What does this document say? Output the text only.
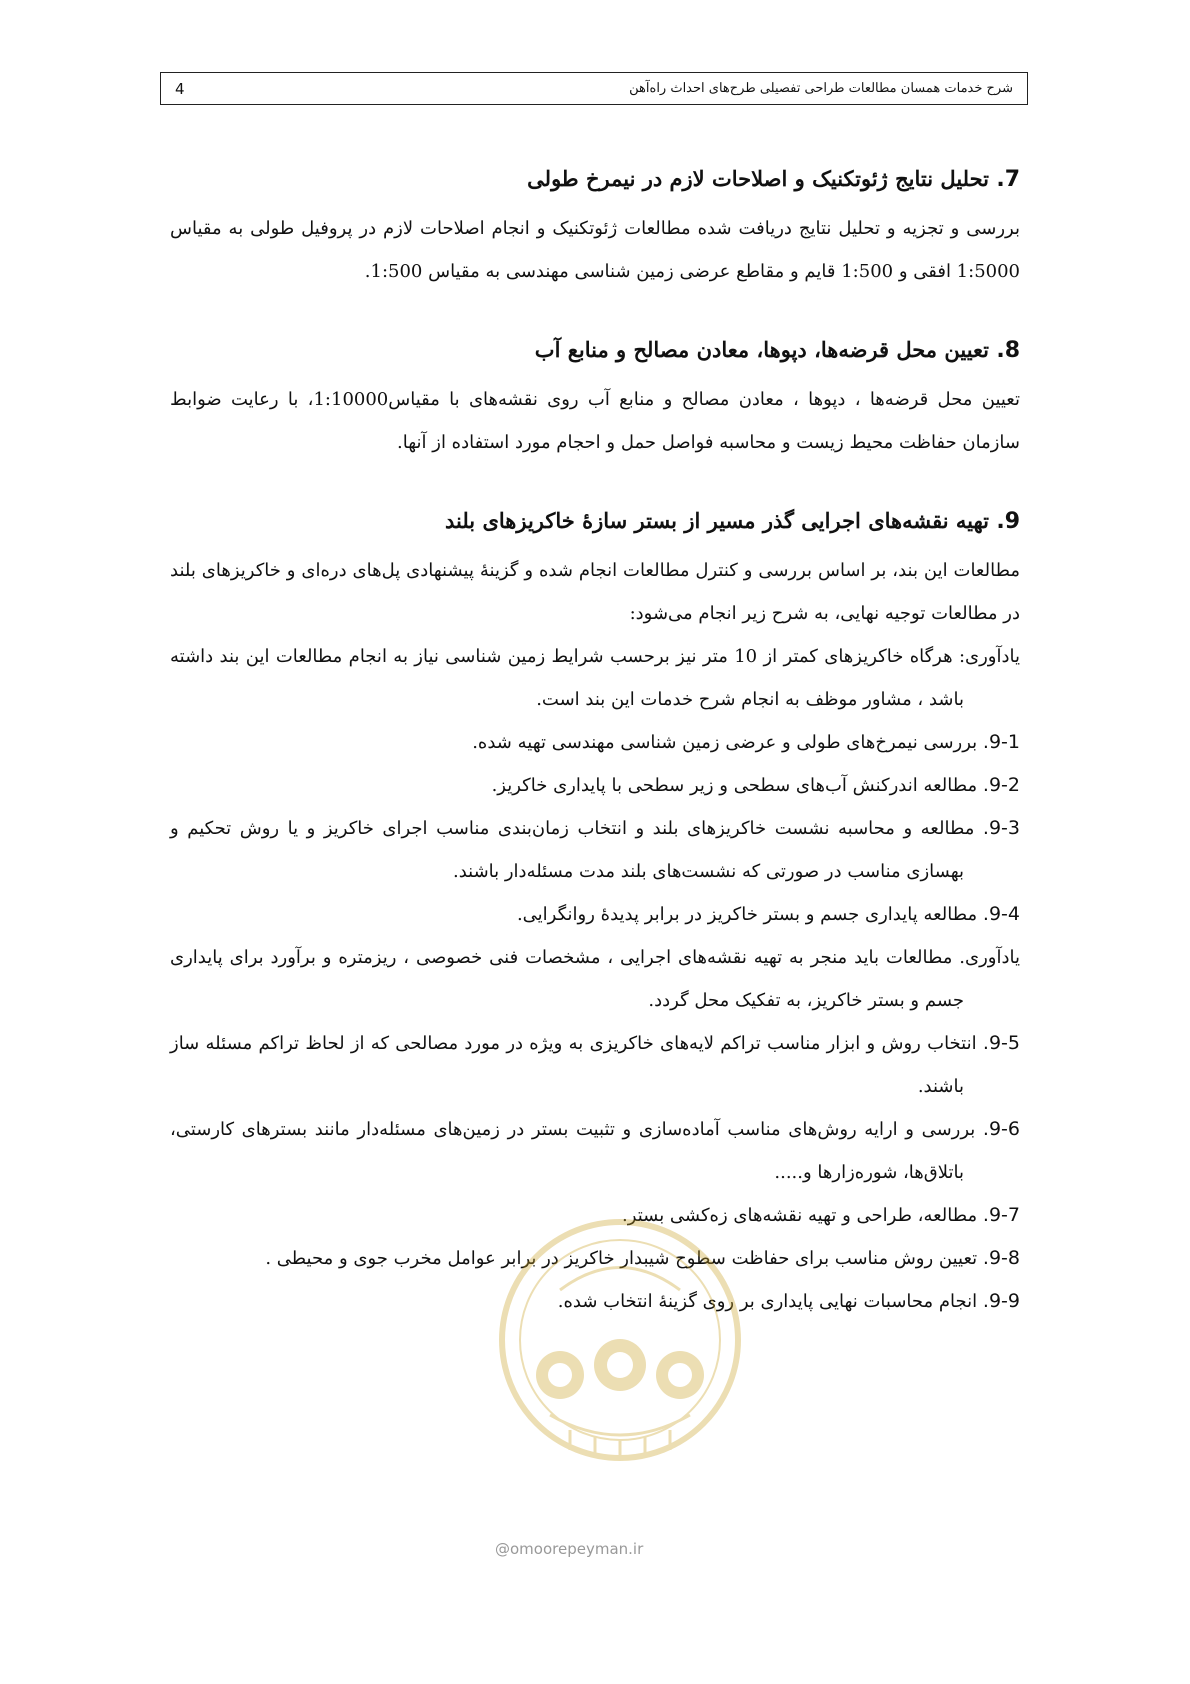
4	شرح خدمات همسان مطالعات طراحی تفصیلی طرح‌های احداث راه‌آهن
7. تحلیل نتایج ژئوتکنیک و اصلاحات لازم در نیمرخ طولی

بررسی و تجزیه و تحلیل نتایج دریافت شده مطالعات ژئوتکنیک و انجام اصلاحات لازم در پروفیل طولی به مقیاس 1:5000 افقی و 1:500 قایم و مقاطع عرضی زمین شناسی مهندسی به مقیاس 1:500.

8. تعیین محل قرضه‌ها، دپوها، معادن مصالح و منابع آب

تعیین محل قرضه‌ها ، دپوها ، معادن مصالح و منابع آب روی نقشه‌های با مقیاس1:10000، با رعایت ضوابط سازمان حفاظت محیط زیست و محاسبه فواصل حمل و احجام مورد استفاده از آنها.

9. تهیه نقشه‌های اجرایی گذر مسیر از بستر سازهٔ خاکریزهای بلند

مطالعات این بند، بر اساس بررسی و کنترل مطالعات انجام شده و گزینهٔ پیشنهادی پل‌های دره‌ای و خاکریزهای بلند در مطالعات توجیه نهایی، به شرح زیر انجام می‌شود:

یادآوری: هرگاه خاکریزهای کمتر از 10 متر نیز برحسب شرایط زمین شناسی نیاز به انجام مطالعات این بند داشته باشد ، مشاور موظف به انجام شرح خدمات این بند است.
9-1. بررسی نیمرخ‌های طولی و عرضی زمین شناسی مهندسی تهیه شده.
9-2. مطالعه اندرکنش آب‌های سطحی و زیر سطحی با پایداری خاکریز.
9-3. مطالعه و محاسبه نشست خاکریزهای بلند و انتخاب زمان‌بندی مناسب اجرای خاکریز و یا روش تحکیم و بهسازی مناسب در صورتی که نشست‌های بلند مدت مسئله‌دار باشند.
9-4. مطالعه پایداری جسم و بستر خاکریز در برابر پدیدهٔ روانگرایی.
یادآوری. مطالعات باید منجر به تهیه نقشه‌های اجرایی ، مشخصات فنی خصوصی ، ریزمتره و برآورد برای پایداری جسم و بستر خاکریز، به تفکیک محل گردد.
9-5. انتخاب روش و ابزار مناسب تراکم لایه‌های خاکریزی به ویژه در مورد مصالحی که از لحاظ تراکم مسئله ساز باشند.
9-6. بررسی و ارایه روش‌های مناسب آماده‌سازی و تثبیت بستر در زمین‌های مسئله‌دار مانند بسترهای کارستی، باتلاق‌ها، شوره‌زارها و.....
9-7. مطالعه، طراحی و تهیه نقشه‌های زه‌کشی بستر.
9-8. تعیین روش مناسب برای حفاظت سطوح شیبدار خاکریز در برابر عوامل مخرب جوی و محیطی .
9-9. انجام محاسبات نهایی پایداری بر روی گزینهٔ انتخاب شده.
@omoorepeyman.ir
